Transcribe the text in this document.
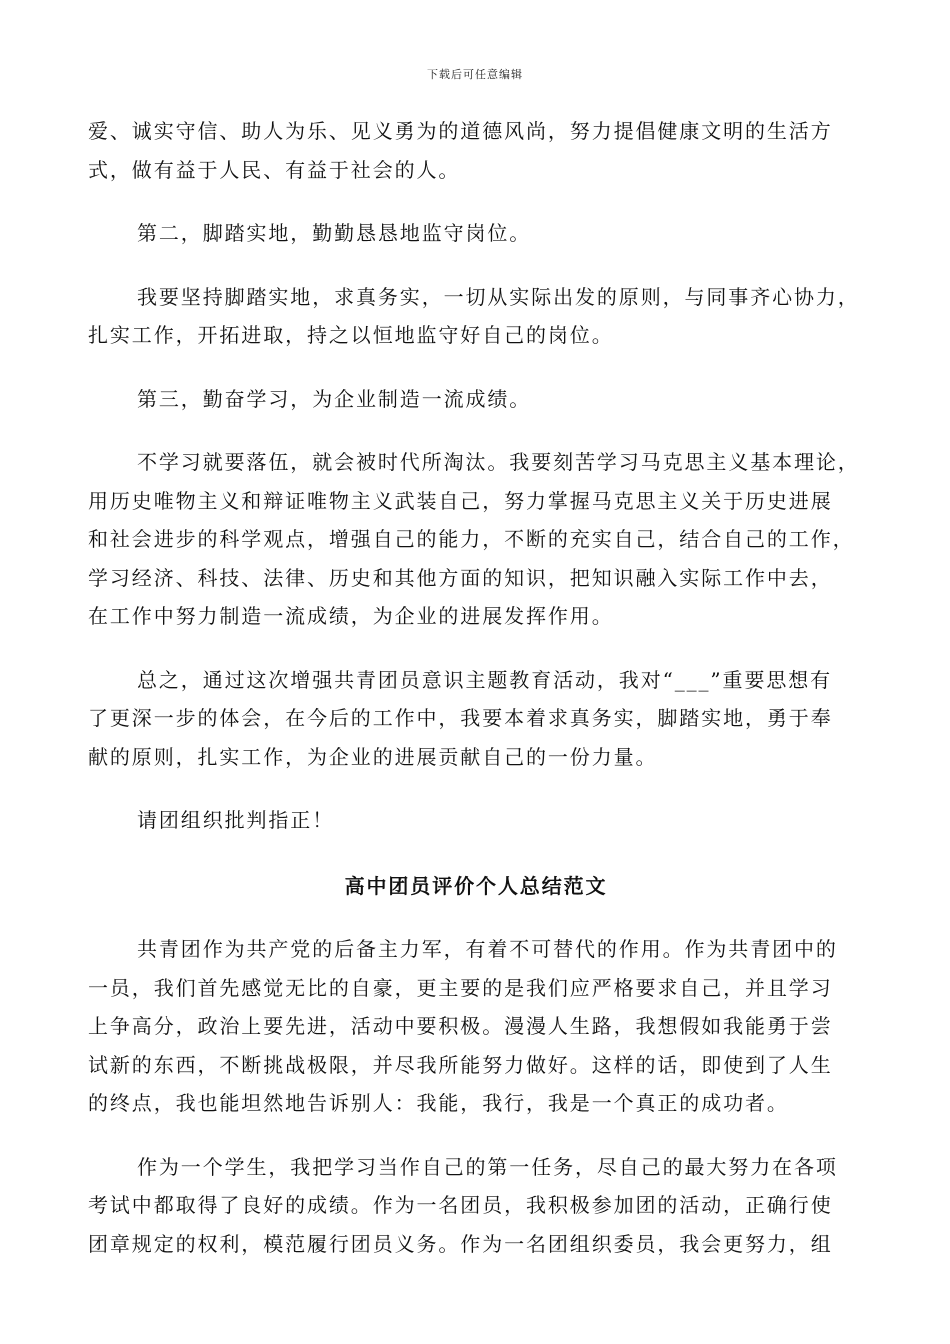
下载后可任意编辑

爱、诚实守信、助人为乐、见义勇为的道德风尚，努力提倡健康文明的生活方
式，做有益于人民、有益于社会的人。

第二，脚踏实地，勤勤恳恳地监守岗位。

我要坚持脚踏实地，求真务实，一切从实际出发的原则，与同事齐心协力，
扎实工作，开拓进取，持之以恒地监守好自己的岗位。

第三，勤奋学习，为企业制造一流成绩。

不学习就要落伍，就会被时代所淘汰。我要刻苦学习马克思主义基本理论，
用历史唯物主义和辩证唯物主义武装自己，努力掌握马克思主义关于历史进展
和社会进步的科学观点，增强自己的能力，不断的充实自己，结合自己的工作，
学习经济、科技、法律、历史和其他方面的知识，把知识融入实际工作中去，
在工作中努力制造一流成绩，为企业的进展发挥作用。

总之，通过这次增强共青团员意识主题教育活动，我对“___”重要思想有
了更深一步的体会，在今后的工作中，我要本着求真务实，脚踏实地，勇于奉
献的原则，扎实工作，为企业的进展贡献自己的一份力量。

请团组织批判指正！

高中团员评价个人总结范文

共青团作为共产党的后备主力军，有着不可替代的作用。作为共青团中的
一员，我们首先感觉无比的自豪，更主要的是我们应严格要求自己，并且学习
上争高分，政治上要先进，活动中要积极。漫漫人生路，我想假如我能勇于尝
试新的东西，不断挑战极限，并尽我所能努力做好。这样的话，即使到了人生
的终点，我也能坦然地告诉别人：我能，我行，我是一个真正的成功者。

作为一个学生，我把学习当作自己的第一任务，尽自己的最大努力在各项
考试中都取得了良好的成绩。作为一名团员，我积极参加团的活动，正确行使
团章规定的权利，模范履行团员义务。作为一名团组织委员，我会更努力，组
